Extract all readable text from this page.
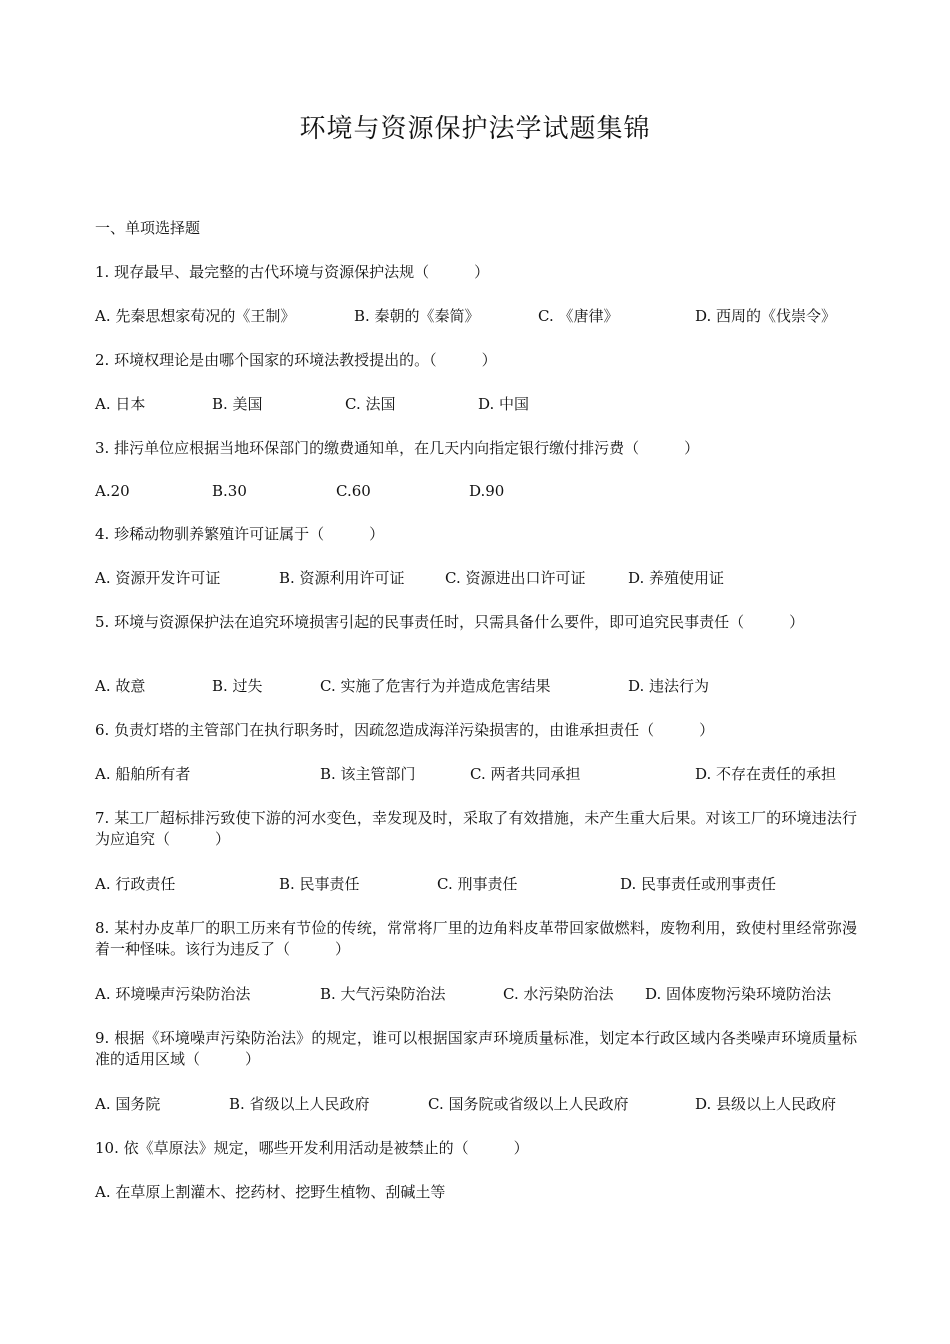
环境与资源保护法学试题集锦
一、单项选择题
1. 现存最早、最完整的古代环境与资源保护法规（　　　）
A. 先秦思想家荀况的《王制》	B. 秦朝的《秦简》	C. 《唐律》	D. 西周的《伐崇令》
2. 环境权理论是由哪个国家的环境法教授提出的。（　　　）
A. 日本	B. 美国	C. 法国	D. 中国
3. 排污单位应根据当地环保部门的缴费通知单，在几天内向指定银行缴付排污费（　　　）
A.20	B.30	C.60	D.90
4. 珍稀动物驯养繁殖许可证属于（　　　）
A. 资源开发许可证	B. 资源利用许可证	C. 资源进出口许可证	D. 养殖使用证
5. 环境与资源保护法在追究环境损害引起的民事责任时，只需具备什么要件，即可追究民事责任（　　　）
A. 故意	B. 过失	C. 实施了危害行为并造成危害结果	D. 违法行为
6. 负责灯塔的主管部门在执行职务时，因疏忽造成海洋污染损害的，由谁承担责任（　　　）
A. 船舶所有者	B. 该主管部门	C. 两者共同承担	D. 不存在责任的承担
7. 某工厂超标排污致使下游的河水变色，幸发现及时，采取了有效措施，未产生重大后果。对该工厂的环境违法行为应追究（　　　）
A. 行政责任	B. 民事责任	C. 刑事责任	D. 民事责任或刑事责任
8. 某村办皮革厂的职工历来有节俭的传统，常常将厂里的边角料皮革带回家做燃料，废物利用，致使村里经常弥漫着一种怪味。该行为违反了（　　　）
A. 环境噪声污染防治法	B. 大气污染防治法	C. 水污染防治法 D. 固体废物污染环境防治法
9. 根据《环境噪声污染防治法》的规定，谁可以根据国家声环境质量标准，划定本行政区域内各类噪声环境质量标准的适用区域（　　　）
A. 国务院	B. 省级以上人民政府	C. 国务院或省级以上人民政府	D. 县级以上人民政府
10. 依《草原法》规定，哪些开发利用活动是被禁止的（　　　）
A. 在草原上割灌木、挖药材、挖野生植物、刮碱土等
